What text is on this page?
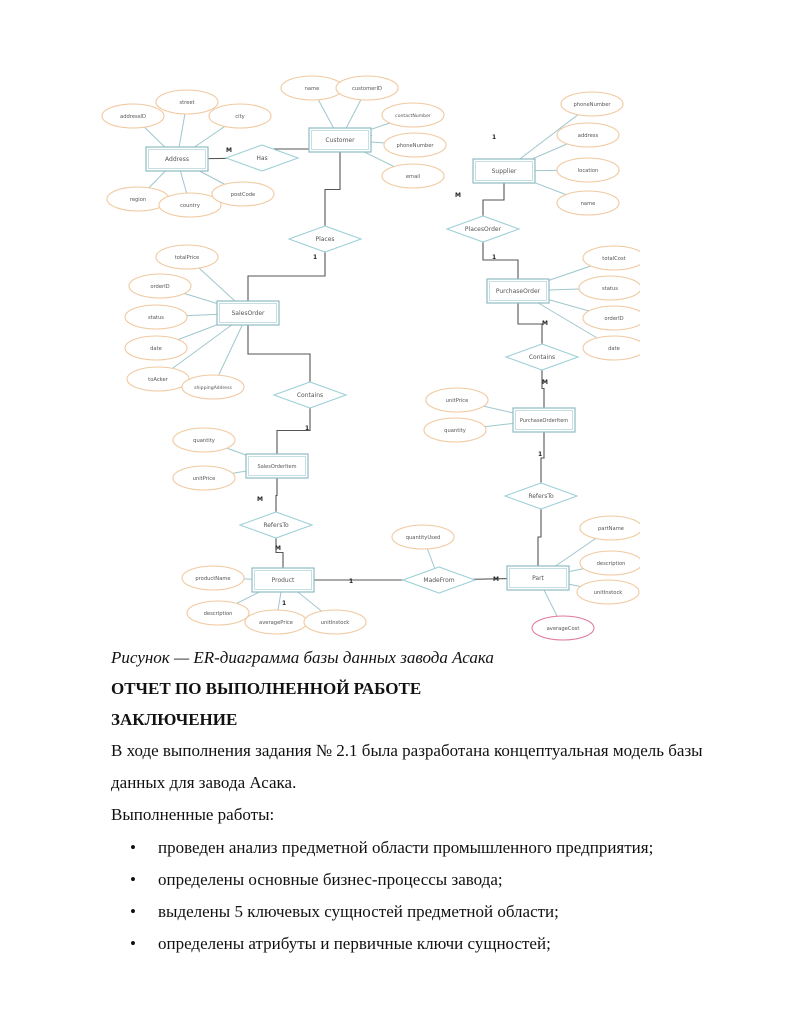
M
1
1
M
M
1
1	M
1
M
M
1
M
1
Address
Customer
Supplier
SalesOrder
PurchaseOrder
PurchaseOrderItem
SalesOrderItem
Product	Part
Has
Places
PlacesOrder
Contains
Contains
RefersTo
RefersTo
MadeFrom
addressID
street
city
region
country
postCode
name	customerID
contactNumber
phoneNumber
email
phoneNumber
address
location
name
totalPrice
orderID
status
date
toAcker
shippingAddress
totalCost
status
orderID
date
unitPrice
quantity
quantity
unitPrice
quantityUsed
productName
description
averagePrice	unitInstock
partName
description
unitInstock
averageCost
Рисунок — ER-диаграмма базы данных завода Асака
ОТЧЕТ ПО ВЫПОЛНЕННОЙ РАБОТЕ
ЗАКЛЮЧЕНИЕ
В ходе выполнения задания № 2.1 была разработана концептуальная модель базы
данных для завода Асака.
Выполненные работы:
• проведен анализ предметной области промышленного предприятия;
• определены основные бизнес-процессы завода;
• выделены 5 ключевых сущностей предметной области;
• определены атрибуты и первичные ключи сущностей;
